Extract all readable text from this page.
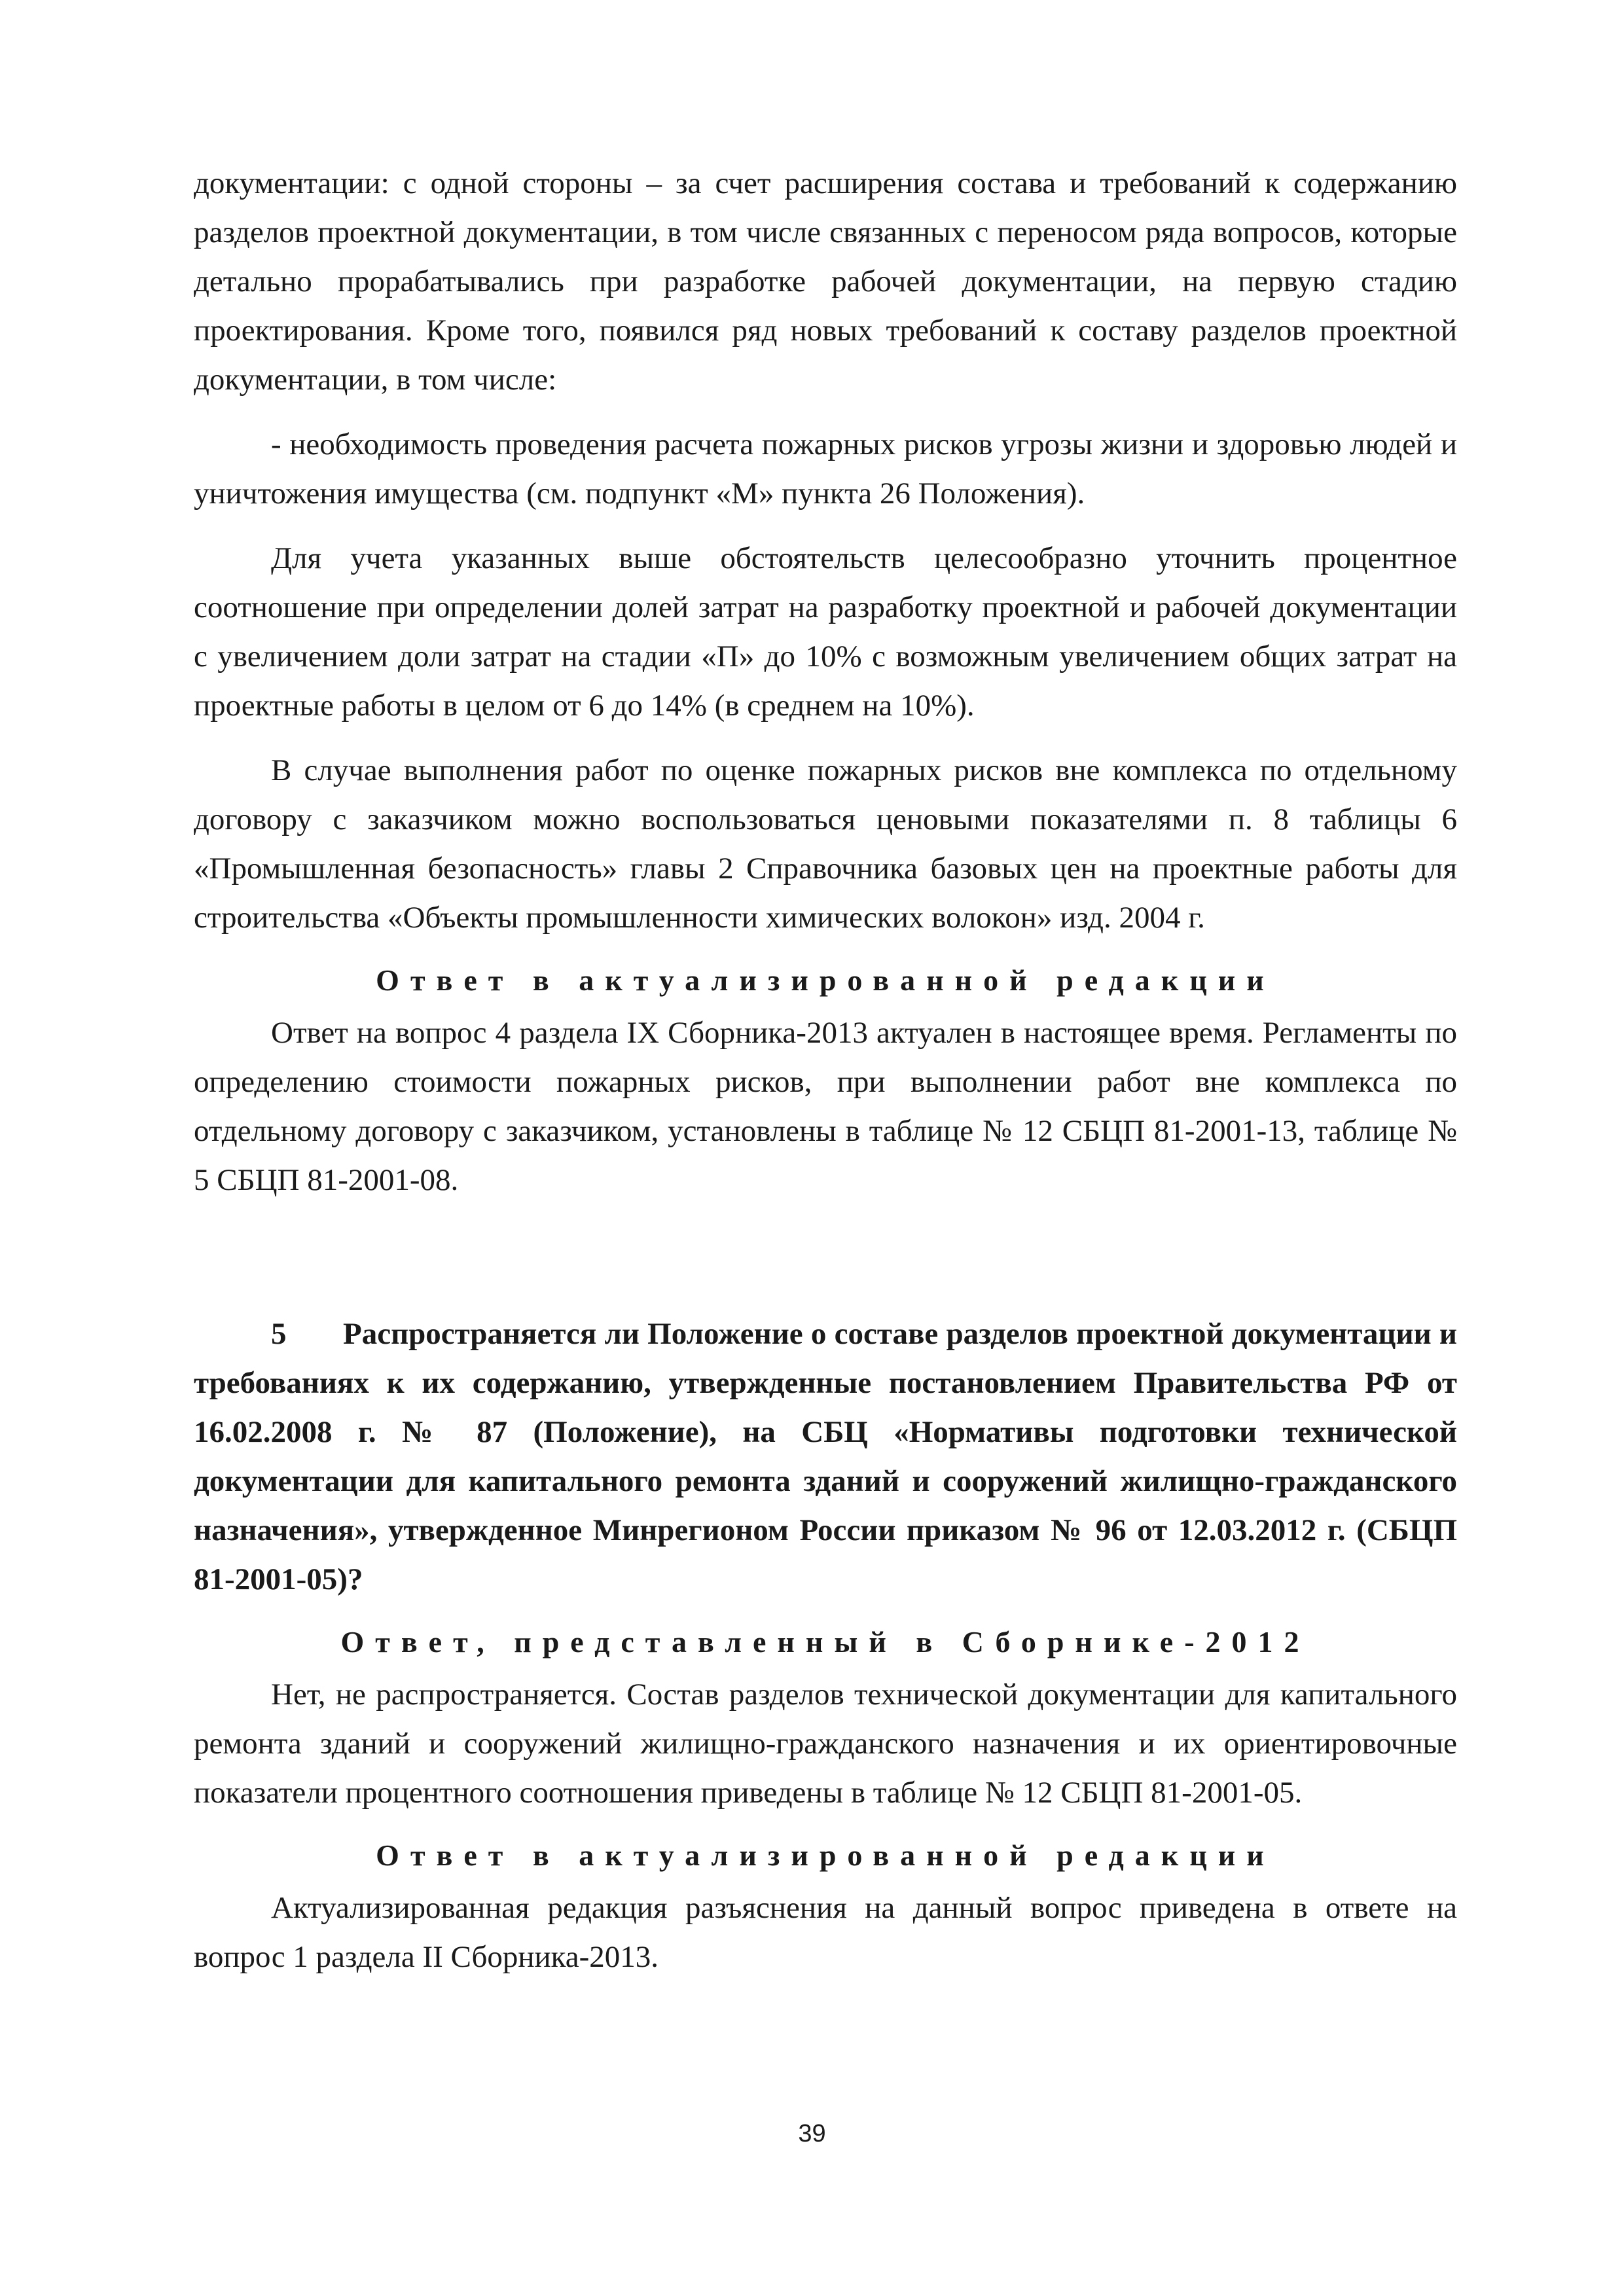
документации: с одной стороны – за счет расширения состава и требований к содержанию разделов проектной документации, в том числе связанных с переносом ряда вопросов, которые детально прорабатывались при разработке рабочей документации, на первую стадию проектирования. Кроме того, появился ряд новых требований к составу разделов проектной документации, в том числе:

- необходимость проведения расчета пожарных рисков угрозы жизни и здоровью людей и уничтожения имущества (см. подпункт «М» пункта 26 Положения).

Для учета указанных выше обстоятельств целесообразно уточнить процентное соотношение при определении долей затрат на разработку проектной и рабочей документации с увеличением доли затрат на стадии «П» до 10% с возможным увеличением общих затрат на проектные работы в целом от 6 до 14% (в среднем на 10%).

В случае выполнения работ по оценке пожарных рисков вне комплекса по отдельному договору с заказчиком можно воспользоваться ценовыми показателями п. 8 таблицы 6 «Промышленная безопасность» главы 2 Справочника базовых цен на проектные работы для строительства «Объекты промышленности химических волокон» изд. 2004 г.

Ответ в актуализированной редакции

Ответ на вопрос 4 раздела IX Сборника-2013 актуален в настоящее время. Регламенты по определению стоимости пожарных рисков, при выполнении работ вне комплекса по отдельному договору с заказчиком, установлены в таблице № 12 СБЦП 81-2001-13, таблице № 5 СБЦП 81-2001-08.

5 Распространяется ли Положение о составе разделов проектной документации и требованиях к их содержанию, утвержденные постановлением Правительства РФ от 16.02.2008 г. № 87 (Положение), на СБЦ «Нормативы подготовки технической документации для капитального ремонта зданий и сооружений жилищно-гражданского назначения», утвержденное Минрегионом России приказом № 96 от 12.03.2012 г. (СБЦП 81-2001-05)?

Ответ, представленный в Сборнике-2012

Нет, не распространяется. Состав разделов технической документации для капитального ремонта зданий и сооружений жилищно-гражданского назначения и их ориентировочные показатели процентного соотношения приведены в таблице № 12 СБЦП 81-2001-05.

Ответ в актуализированной редакции

Актуализированная редакция разъяснения на данный вопрос приведена в ответе на вопрос 1 раздела II Сборника-2013.

39
